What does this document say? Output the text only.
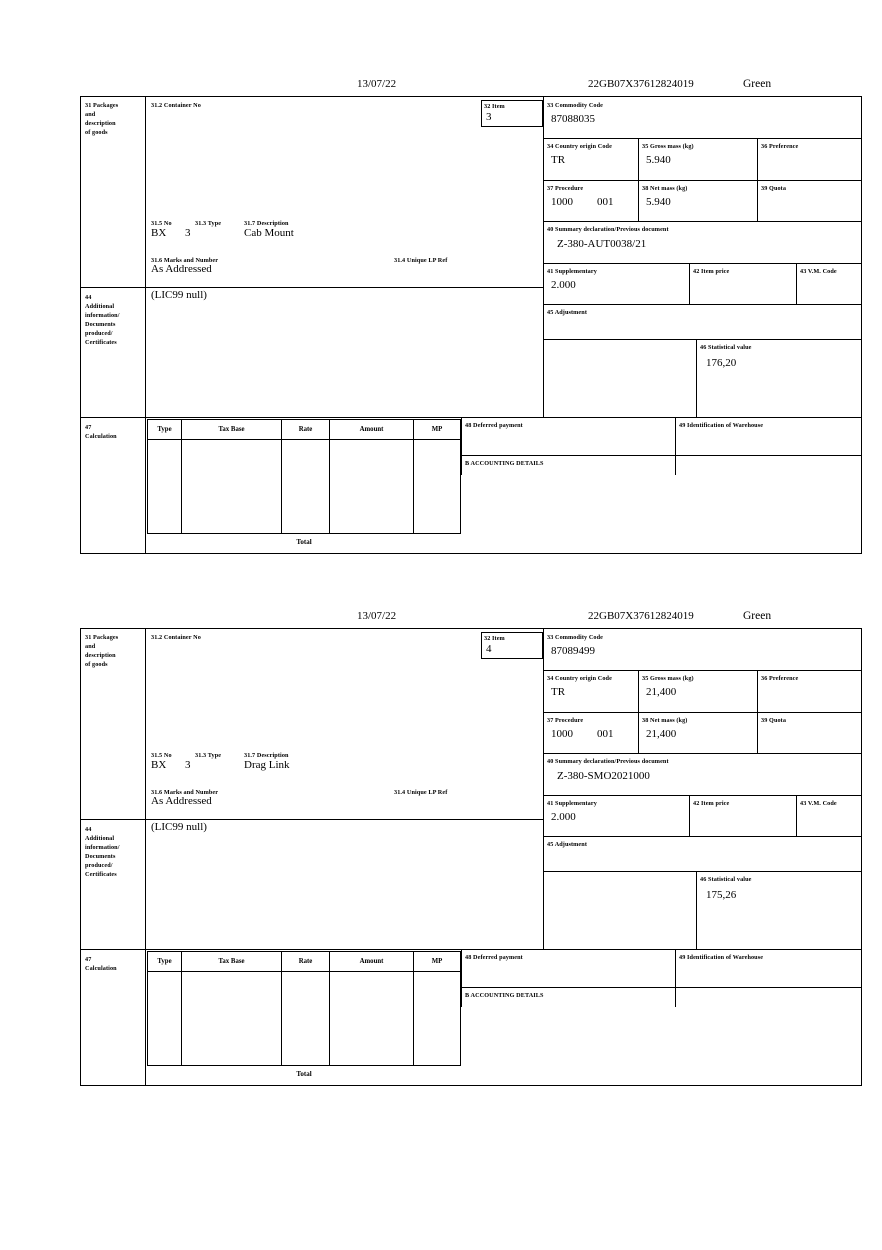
13/07/22	22GB07X37612824019	Green
31 Packages
and
description
of goods
31.2 Container No	32 Item
3
31.5 No	31.3 Type	31.7 Description
BX 3	Cab Mount
31.6 Marks and Number	31.4 Unique LP Ref
As Addressed
44
Additional
information/
Documents
produced/
Certificates
(LIC99 null)
33 Commodity Code
87088035
34 Country origin Code
TR
35 Gross mass (kg)
5.940
36 Preference
37 Procedure
1000 001
38 Net mass (kg)
5.940
39 Quota
40 Summary declaration/Previous document
Z-380-AUT0038/21
41 Supplementary
2.000
42 Item price	43 V.M. Code
45 Adjustment
46 Statistical value
176,20
47
Calculation
Type	Tax Base	Rate	Amount	MP
Total
48 Deferred payment	49 Identification of Warehouse
B ACCOUNTING DETAILS
13/07/22	22GB07X37612824019	Green
31 Packages
and
description
of goods
31.2 Container No	32 Item
4
31.5 No	31.3 Type	31.7 Description
BX 3	Drag Link
31.6 Marks and Number	31.4 Unique LP Ref
As Addressed
44
Additional
information/
Documents
produced/
Certificates
(LIC99 null)
33 Commodity Code
87089499
34 Country origin Code
TR
35 Gross mass (kg)
21,400
36 Preference
37 Procedure
1000 001
38 Net mass (kg)
21,400
39 Quota
40 Summary declaration/Previous document
Z-380-SMO2021000
41 Supplementary
2.000
42 Item price	43 V.M. Code
45 Adjustment
46 Statistical value
175,26
47
Calculation
Type	Tax Base	Rate	Amount	MP
Total
48 Deferred payment	49 Identification of Warehouse
B ACCOUNTING DETAILS
